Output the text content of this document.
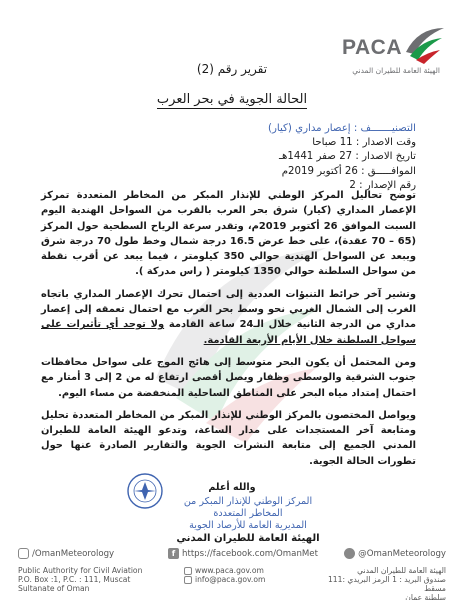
PACA
الهيئة العامة للطيران المدني
تقرير رقم (2)
الحالة الجوية في بحر العرب
التصنيـــــــف : إعصار مداري (كيار)
وقت الاصدار : 11 صباحا
تاريخ الاصدار : 27 صفر 1441هـ
الموافـــــق : 26 أكتوبر 2019م
رقم الإصدار : 2

توضح تحاليل المركز الوطني للإنذار المبكر من المخاطر المتعددة تمركز الإعصار المداري (كيار) شرق بحر العرب بالقرب من السواحل الهندية اليوم السبت الموافق 26 أكتوبر 2019م، وتقدر سرعة الرياح السطحية حول المركز (65 – 70 عقدة)، على خط عرض 16.5 درجة شمال وخط طول 70 درجة شرق ويبعد عن السواحل الهندية حوالي 350 كيلومتر ، فيما يبعد عن أقرب نقطة من سواحل السلطنة حوالي 1350 كيلومتر ( راس مدركة ).

وتشير آخر خرائط التنبؤات العددية إلى احتمال تحرك الإعصار المداري باتجاه الغرب إلى الشمال الغربي نحو وسط بحر العرب مع احتمال تعمقه إلى إعصار مداري من الدرجة الثانية خلال الـ24 ساعة القادمة ولا توجد أي تأثيرات على سواحل السلطنة خلال الأيام الأربعة القادمة.

ومن المحتمل أن يكون البحر متوسط إلى هائج الموج على سواحل محافظات جنوب الشرقية والوسطى وظفار ويصل أقصى ارتفاع له من 2 إلى 3 أمتار مع احتمال إمتداد مياه البحر على المناطق الساحلية المنخفضة من مساء اليوم.

ويواصل المختصون بالمركز الوطني للإنذار المبكر من المخاطر المتعددة تحليل ومتابعة آخر المستجدات على مدار الساعة، وتدعو الهيئة العامة للطيران المدني الجميع إلى متابعة النشرات الجوية والتقارير الصادرة عنها حول تطورات الحالة الجوية.

والله أعلم
المركز الوطني للإنذار المبكر من المخاطر المتعددة
المديرية العامة للأرصاد الجوية
الهيئة العامة للطيران المدني
/OmanMeteorology	f https://facebook.com/OmanMet	@OmanMeteorology
Public Authority for Civil Aviation
P.O. Box :1, P.C. : 111, Muscat
Sultanate of Oman
www.paca.gov.om
info@paca.gov.om
الهيئة العامة للطيران المدني
صندوق البريد : 1 الرمز البريدي :111 مسقط
سلطنة عمان
